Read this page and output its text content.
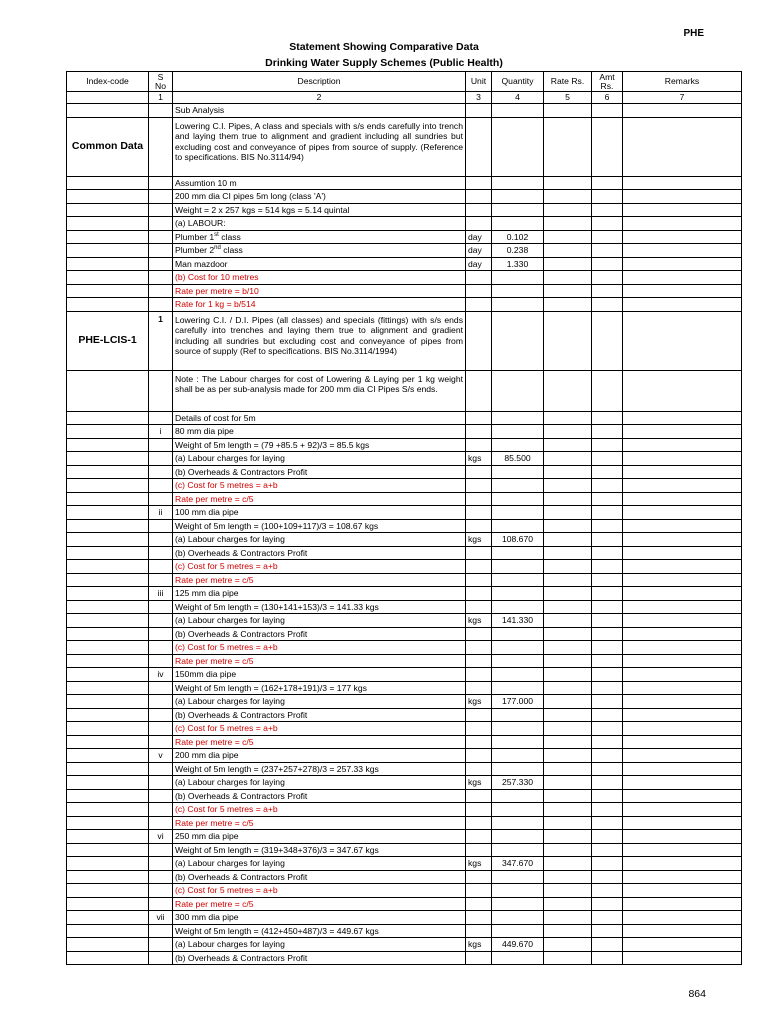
PHE
Statement Showing Comparative Data
Drinking Water Supply Schemes (Public Health)
Index-code	S No	Description	Unit	Quantity	Rate Rs.	Amt Rs.	Remarks
	1	2	3	4	5	6	7
		Sub Analysis					
Common Data		Lowering C.I. Pipes, A class and specials with s/s ends carefully into trench and laying them true to alignment and gradient including all sundries but excluding cost and conveyance of pipes from source of supply. (Reference to specifications. BIS No.3114/94)					
		Assumtion 10 m					
		200 mm dia CI pipes 5m long (class 'A')					
		Weight = 2 x 257 kgs = 514 kgs = 5.14 quintal					
		(a) LABOUR:					
		Plumber 1st class	day	0.102			
		Plumber 2nd class	day	0.238			
		Man mazdoor	day	1.330			
		(b) Cost for 10 metres					
		Rate per metre = b/10					
		Rate for 1 kg = b/514					
PHE-LCIS-1	1	Lowering C.I. / D.I. Pipes (all classes) and specials (fittings) with s/s ends carefully into trenches and laying them true to alignment and gradient including all sundries but excluding cost and conveyance of pipes from source of supply (Ref to specifications. BIS No.3114/1994)					
		Note : The Labour charges for cost of Lowering & Laying per 1 kg weight shall be as per sub-analysis made for 200 mm dia CI Pipes S/s ends.					
		Details of cost for 5m					
	i	80 mm dia pipe					
		Weight of 5m length = (79 +85.5 + 92)/3 = 85.5 kgs					
		(a) Labour charges for laying	kgs	85.500			
		(b) Overheads & Contractors Profit					
		(c) Cost for 5 metres = a+b					
		Rate per metre = c/5					
	ii	100 mm dia pipe					
		Weight of 5m length = (100+109+117)/3 = 108.67 kgs					
		(a) Labour charges for laying	kgs	108.670			
		(b) Overheads & Contractors Profit					
		(c) Cost for 5 metres = a+b					
		Rate per metre = c/5					
	iii	125 mm dia pipe					
		Weight of 5m length = (130+141+153)/3 = 141.33 kgs					
		(a) Labour charges for laying	kgs	141.330			
		(b) Overheads & Contractors Profit					
		(c) Cost for 5 metres = a+b					
		Rate per metre = c/5					
	iv	150mm dia pipe					
		Weight of 5m length = (162+178+191)/3 = 177 kgs					
		(a) Labour charges for laying	kgs	177.000			
		(b) Overheads & Contractors Profit					
		(c) Cost for 5 metres = a+b					
		Rate per metre = c/5					
	v	200 mm dia pipe					
		Weight of 5m length = (237+257+278)/3 = 257.33 kgs					
		(a) Labour charges for laying	kgs	257.330			
		(b) Overheads & Contractors Profit					
		(c) Cost for 5 metres = a+b					
		Rate per metre = c/5					
	vi	250 mm dia pipe					
		Weight of 5m length = (319+348+376)/3 = 347.67 kgs					
		(a) Labour charges for laying	kgs	347.670			
		(b) Overheads & Contractors Profit					
		(c) Cost for 5 metres = a+b					
		Rate per metre = c/5					
	vii	300 mm dia pipe					
		Weight of 5m length = (412+450+487)/3 = 449.67 kgs					
		(a) Labour charges for laying	kgs	449.670			
		(b) Overheads & Contractors Profit					
864
